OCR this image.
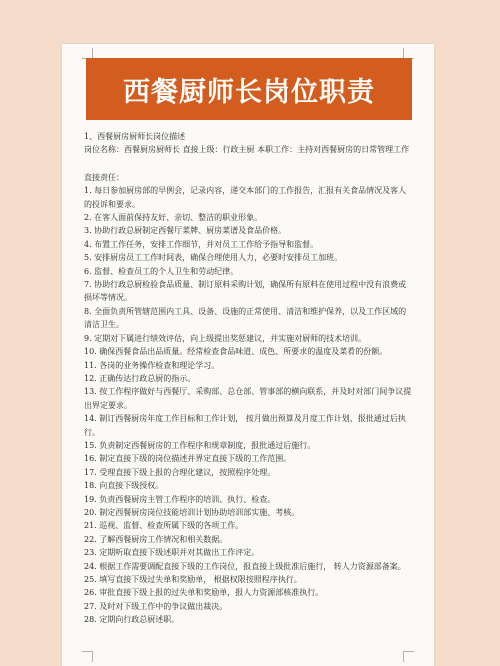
西餐厨师长岗位职责

1、西餐厨房厨师长岗位描述

岗位名称：西餐厨房厨师长 直接上级：行政主厨 本职工作：主持对西餐厨房的日常管理工作

直接责任：

1. 每日参加厨房部的早例会，记录内容，递交本部门的工作报告，汇报有关食品情况及客人的投诉和要求。

2. 在客人面前保持友好、亲切、整洁的职业形象。

3. 协助行政总厨制定西餐厅菜牌、厨房菜谱及食品价格。

4. 布置工作任务，安排工作细节，并对员工工作给予指导和监督。

5. 安排厨房员工工作时间表，确保合理使用人力，必要时安排员工加班。

6. 监督、检查员工的个人卫生和劳动纪律。

7. 协助行政总厨检验食品质量、制订原料采购计划，确保所有原料在使用过程中没有浪费或损坏等情况。

8. 全面负责所管辖范围内工具、设备、设施的正常使用、清洁和维护保养，以及工作区域的清洁卫生。

9. 定期对下属进行绩效评估，向上级提出奖惩建议，并实施对厨师的技术培训。

10. 确保西餐食品出品质量。经常检查食品味道、成色、所要求的温度及菜肴的份额。

11. 各岗的业务操作检查和理论学习。

12. 正确传达行政总厨的指示。

13. 按工作程序做好与西餐厅、采购部、总仓部、管事部的横向联系，并及时对部门间争议提出界定要求。

14. 制订西餐厨房年度工作目标和工作计划， 按月做出预算及月度工作计划，报批通过后执行。

15. 负责制定西餐厨房的工作程序和规章制度，报批通过后施行。

16. 制定直接下级的岗位描述并界定直接下级的工作范围。

17. 受理直接下级上报的合理化建议，按照程序处理。

18. 向直接下级授权。

19. 负责西餐厨房主管工作程序的培训、执行、检查。

20. 制定西餐厨房岗位技能培训计划协助培训部实施、考核。

21. 巡视、监督、检查所属下级的各项工作。

22. 了解西餐厨房工作情况和相关数据。

23. 定期听取直接下级述职并对其做出工作评定。

24. 根据工作需要调配直接下级的工作岗位，报直接上级批准后施行， 转人力资源部备案。

25. 填写直接下级过失单和奖励单， 根据权限按照程序执行。

26. 审批直接下级上报的过失单和奖励单，报人力资源部核准执行。

27. 及时对下级工作中的争议做出裁决。

28. 定期向行政总厨述职。
